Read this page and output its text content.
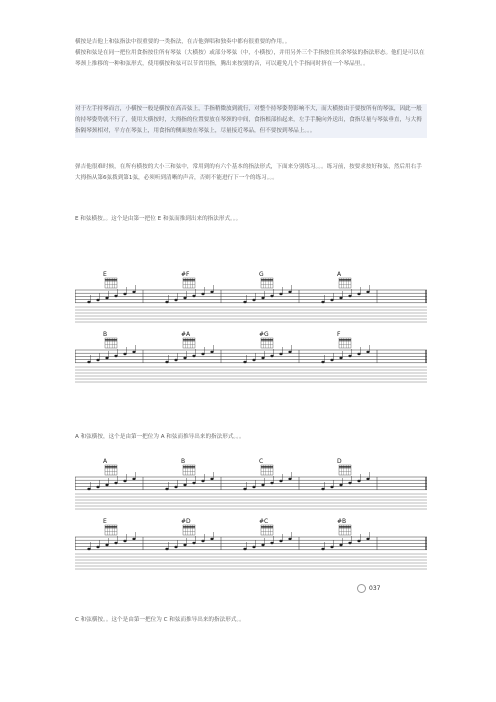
横按是吉他上和弦指法中很重要的一类指法，在吉他弹唱和独奏中都有很重要的作用。。

横按和弦是在同一把位用食指按住所有琴弦（大横按）或部分琴弦（中，小横按），并用另外三个手指按住其余琴弦的指法形态。他们是可以在琴颈上推移的一种和弦形式，使用横按和弦可以节省用指，腾出来按别的音，可以避免几个手指同时挤在一个琴品里。。

对于左手持琴而言，小横按一般是横按在高音弦上，手指稍微放到就行，对整个持琴姿势影响不大，而大横按由于要按所有的琴弦，因此一般的持琴姿势就不行了，使用大横按时，大拇指的位置要放在琴颈的中间，食指根部抬起来，左手手腕向外送出，食指尽量与琴弦垂直，与大拇指隔琴颈相对，平方在琴弦上，用食指的侧面按在琴弦上，尽量接近琴品，但不要按到琴品上。。。

弹吉他很难时候，在所有横按的大小三和弦中，常用到的有六个基本的指法形式，下面来分别练习。。。练习前，按要求按好和弦，然后用右手大拇指从第6弦拨到第1弦，必须听到清晰的声音，否则不能进行下一个的练习。。。

E 和弦横按。。这个是由第一把位 E 和弦而推到出来的指法形式。。。
E	#F	G	A
B	#A	#G	F
A 和弦横按，这个是由第一把位为 A 和弦而推导出来的指法形式。。。
A	B	C	D
E	#D	#C	#B
037
C 和弦横按。。这个是由第一把位为 C 和弦而推导出来的指法形式。。
